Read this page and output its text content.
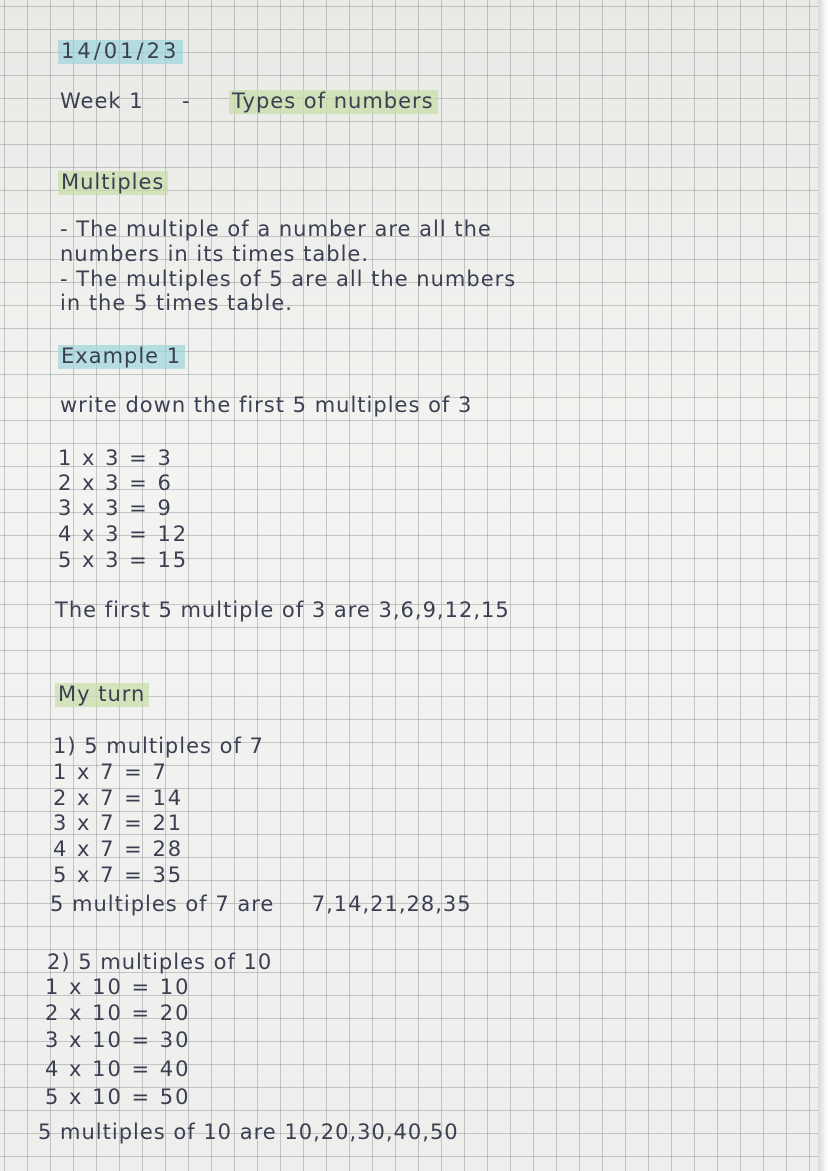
14/01/23
Week 1 - Types of numbers
Multiples
- The multiple of a number are all the
numbers in its times table.
- The multiples of 5 are all the numbers
in the 5 times table.
Example 1
write down the first 5 multiples of 3
1 x 3 = 3
2 x 3 = 6
3 x 3 = 9
4 x 3 = 12
5 x 3 = 15
The first 5 multiple of 3 are 3,6,9,12,15
My turn
1) 5 multiples of 7
1 x 7 = 7
2 x 7 = 14
3 x 7 = 21
4 x 7 = 28
5 x 7 = 35
5 multiples of 7 are 7,14,21,28,35
2) 5 multiples of 10
1 x 10 = 10
2 x 10 = 20
3 x 10 = 30
4 x 10 = 40
5 x 10 = 50
5 multiples of 10 are 10,20,30,40,50
